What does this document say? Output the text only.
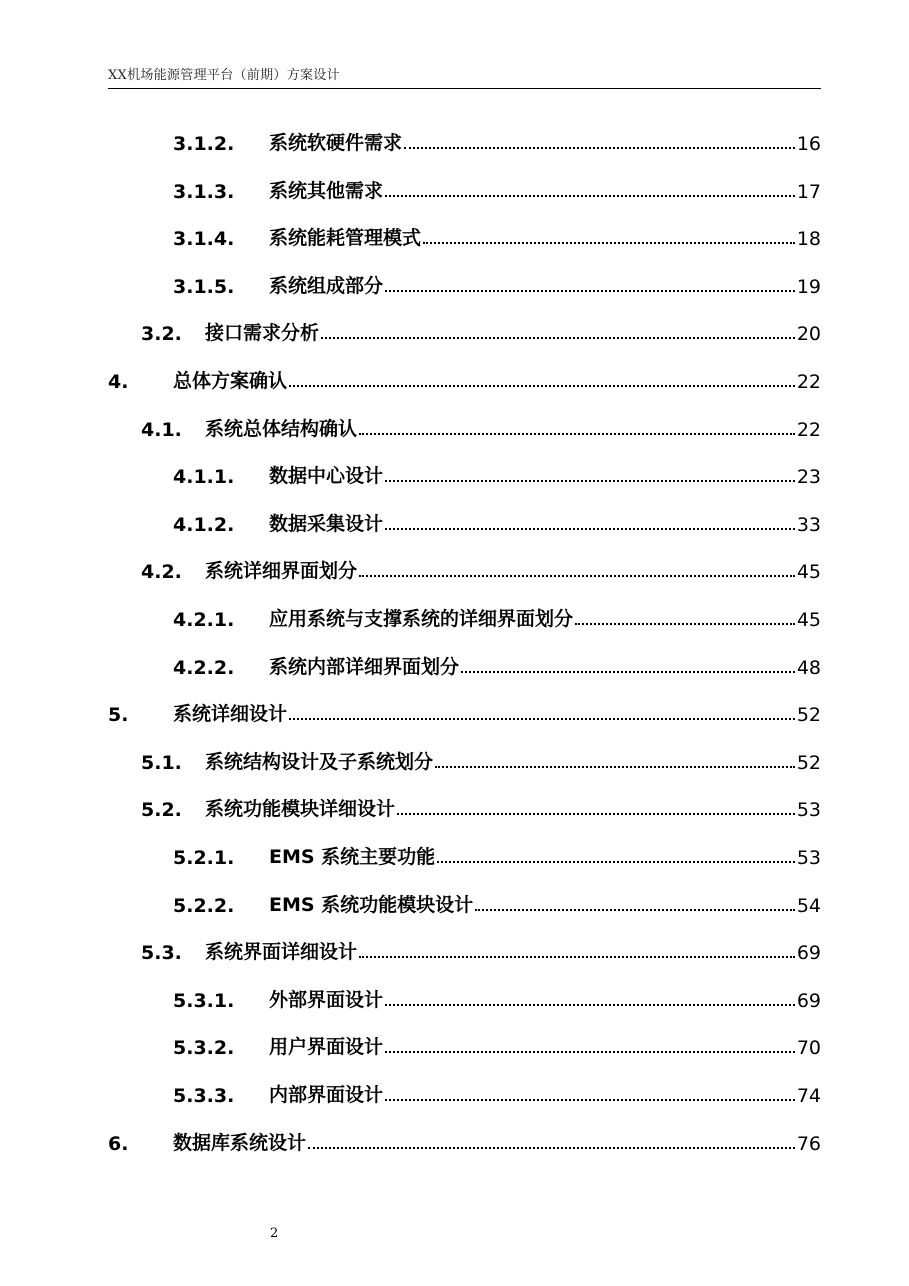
XX机场能源管理平台（前期）方案设计
3.1.2.	系统软硬件需求	16
3.1.3.	系统其他需求	17
3.1.4.	系统能耗管理模式	18
3.1.5.	系统组成部分	19
3.2.	接口需求分析	20
4.	总体方案确认	22
4.1.	系统总体结构确认	22
4.1.1.	数据中心设计	23
4.1.2.	数据采集设计	33
4.2.	系统详细界面划分	45
4.2.1.	应用系统与支撑系统的详细界面划分	45
4.2.2.	系统内部详细界面划分	48
5.	系统详细设计	52
5.1.	系统结构设计及子系统划分	52
5.2.	系统功能模块详细设计	53
5.2.1.	EMS 系统主要功能	53
5.2.2.	EMS 系统功能模块设计	54
5.3.	系统界面详细设计	69
5.3.1.	外部界面设计	69
5.3.2.	用户界面设计	70
5.3.3.	内部界面设计	74
6.	数据库系统设计	76
2
